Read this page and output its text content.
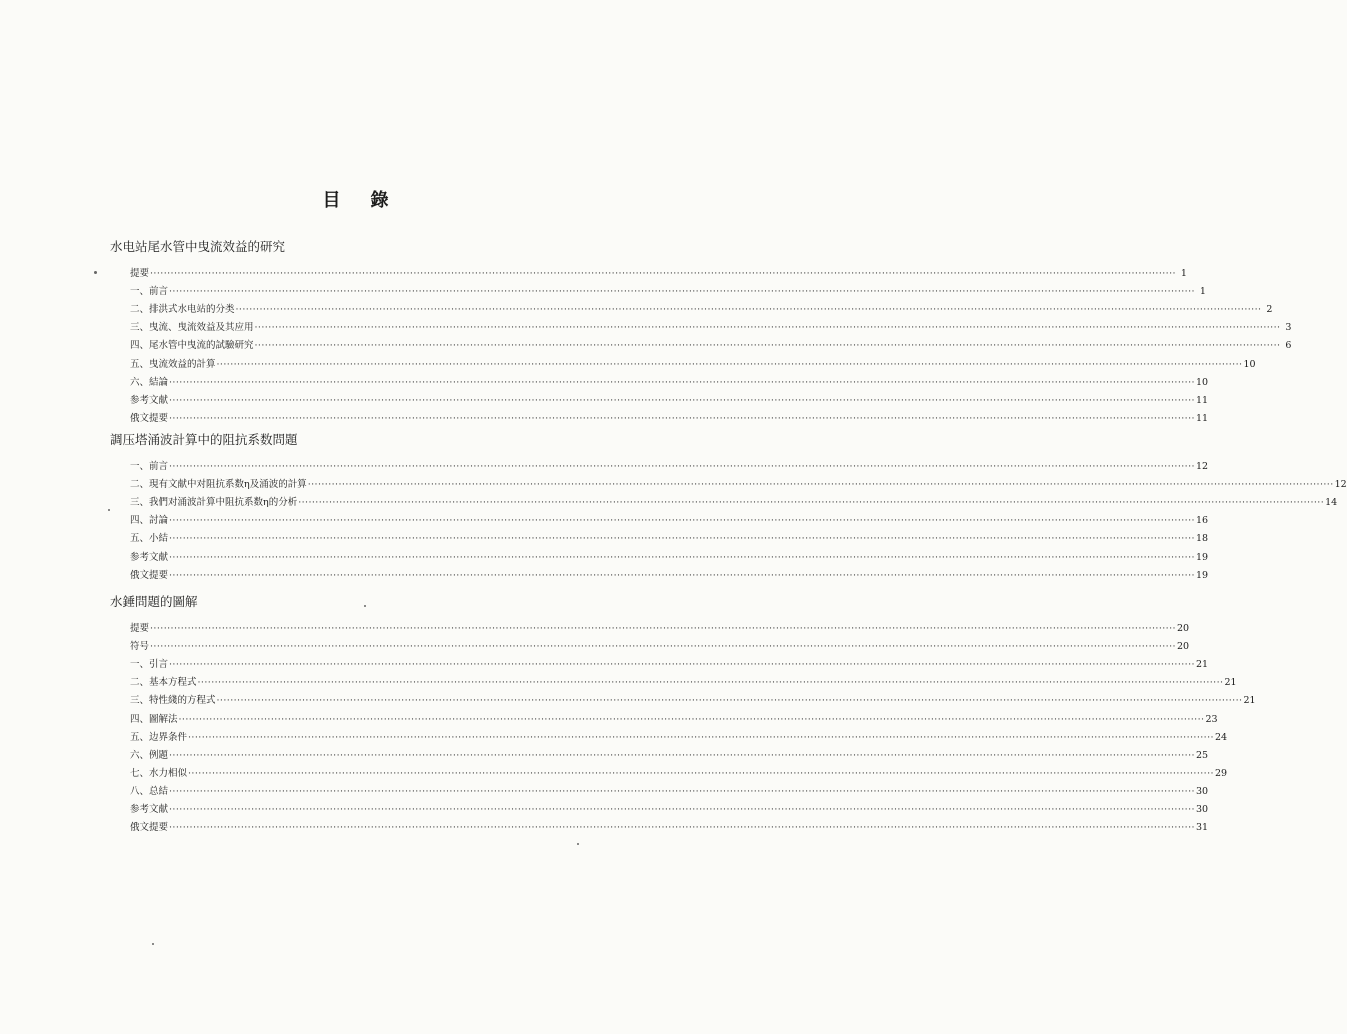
目 錄
水电站尾水管中曳流效益的研究
提要 ············································································································································································································································································································ 1
一、前言 ············································································································································································································································································································ 1
二、排洪式水电站的分类 ············································································································································································································································································································ 2
三、曳流、曳流效益及其应用 ············································································································································································································································································································ 3
四、尾水管中曳流的試驗研究 ············································································································································································································································································································ 6
五、曳流效益的計算 ············································································································································································································································································································ 10
六、結論 ············································································································································································································································································································ 10
参考文献 ············································································································································································································································································································ 11
俄文提要 ············································································································································································································································································································ 11
調压塔涌波計算中的阻抗系数問題
一、前言 ············································································································································································································································································································ 12
二、現有文献中对阻抗系数η及涌波的計算 ············································································································································································································································································································ 12
三、我們对涌波計算中阻抗系数η的分析 ············································································································································································································································································································ 14
四、討論 ············································································································································································································································································································ 16
五、小結 ············································································································································································································································································································ 18
参考文献 ············································································································································································································································································································ 19
俄文提要 ············································································································································································································································································································ 19
水錘問題的圖解
提要 ············································································································································································································································································································ 20
符号 ············································································································································································································································································································ 20
一、引言 ············································································································································································································································································································ 21
二、基本方程式 ············································································································································································································································································································ 21
三、特性綫的方程式 ············································································································································································································································································································ 21
四、圖解法 ············································································································································································································································································································ 23
五、边界条件 ············································································································································································································································································································ 24
六、例題 ············································································································································································································································································································ 25
七、水力相似 ············································································································································································································································································································ 29
八、总結 ············································································································································································································································································································ 30
参考文献 ············································································································································································································································································································ 30
俄文提要 ············································································································································································································································································································ 31
